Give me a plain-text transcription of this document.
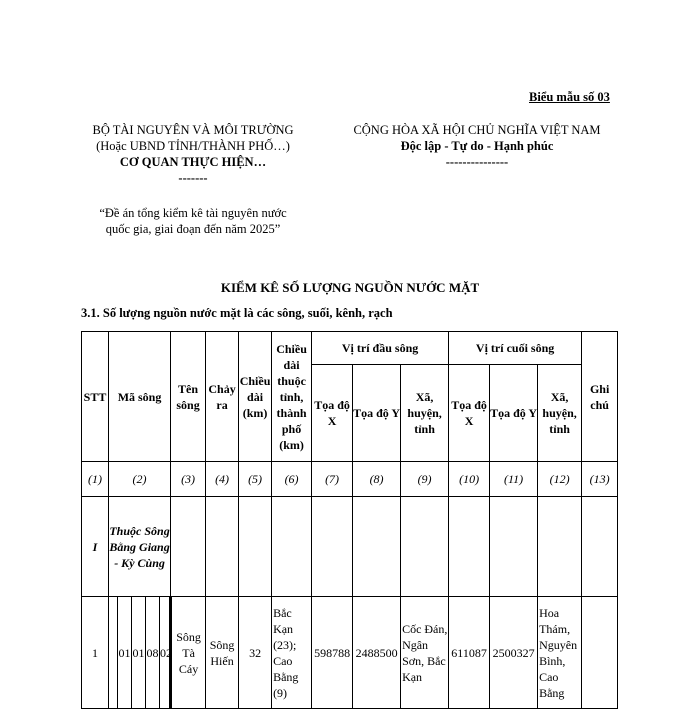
Biểu mẫu số 03
BỘ TÀI NGUYÊN VÀ MÔI TRƯỜNG
(Hoặc UBND TỈNH/THÀNH PHỐ…)
CƠ QUAN THỰC HIỆN…
-------
CỘNG HÒA XÃ HỘI CHỦ NGHĨA VIỆT NAM
Độc lập - Tự do - Hạnh phúc
---------------
“Đề án tổng kiểm kê tài nguyên nước
quốc gia, giai đoạn đến năm 2025”
KIỂM KÊ SỐ LƯỢNG NGUỒN NƯỚC MẶT
3.1. Số lượng nguồn nước mặt là các sông, suối, kênh, rạch
STT	Mã sông					Tên sông	Chảy ra	Chiều dài (km)	Chiều dài thuộc tỉnh, thành phố (km)	Vị trí đầu sông			Vị trí cuối sông			Ghi chú
										Tọa độ X	Tọa độ Y	Xã, huyện, tỉnh	Tọa độ X	Tọa độ Y	Xã, huyện, tỉnh	
(1)	(2)					(3)	(4)	(5)	(6)	(7)	(8)	(9)	(10)	(11)	(12)	(13)
I	Thuộc Sông Bằng Giang - Kỳ Cùng															
1		01	01	08	02	Sông Tà Cáy	Sông Hiến	32	Bắc Kạn (23); Cao Bằng (9)	598788	2488500	Cốc Đán, Ngân Sơn, Bắc Kạn	611087	2500327	Hoa Thám, Nguyên Bình, Cao Bằng	
